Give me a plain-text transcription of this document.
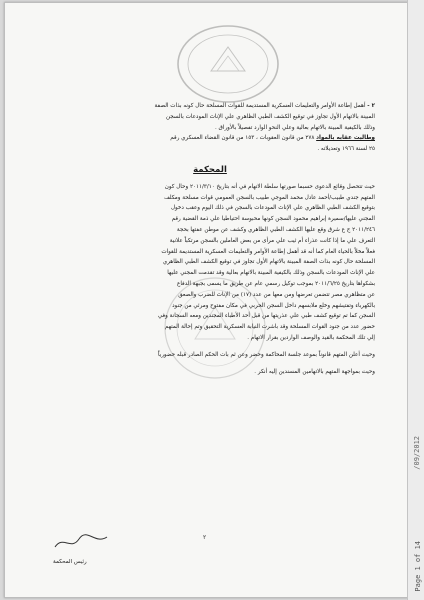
٢ - أهمل إطاعة الأوامر والتعليمات العسكرية المستديمة للقوات المسلحة حال كونه بذات الصفة

المبينة بالاتهام الأول تجاوز في توقيع الكشف الطبي الظاهري علي الإناث المودعات بالسجن

وذلك بالكيفية المبينة بالاتهام بعالية وعلي النحو الوارد تفصيلاً بالأوراق .

وطالبت عقابه بالمواد ٢٧٨ من قانون العقوبات ، ١٥٣ من قانون القضاء العسكري رقم

٢٥ لسنة ١٩٦٦ وتعديلاته .

المحكمة

حيث تتحصل وقائع الدعوى حسبما صورتها سلطة الاتهام في أنه بتاريخ ٢٠١١/٣/١٠ وحال كون

المتهم جندي طبيب/أحمد عادل محمد الموجي طبيب بالسجن العمومي قوات مسلحة ومكلف

بتوقيع الكشف الطبي الظاهري علي الإناث المودعات بالسجن في ذلك اليوم وعقب دخول

المجني عليها/سميرة إبراهيم محمود السجن كونها محبوسة احتياطيا علي ذمة القضية رقم

٢٠١١/٢٤٦ ج ع شرق وقع عليها الكشف الطبي الظاهري وكشف عن موطن عفتها بحجة

التعرف علي ما إذا كانت عذراء أم ثيب علي مرأى من بعض العاملين بالسجن مرتكباً علانية

فعلاً مخلاً بالحياء العام كما أنه قد أهمل إطاعة الأوامر والتعليمات العسكرية المستديمة للقوات

المسلحة حال كونه بذات الصفة المبينة بالاتهام الأول تجاوز في توقيع الكشف الطبي الظاهري

علي الإناث المودعات بالسجن وذلك بالكيفية المبينة بالاتهام بعالية وقد تقدمت المجني عليها

بشكواها بتاريخ ٢٠١١/٦/٢٥ بموجب توكيل رسمي عام عن طريق ما يسمى بجبهة الدفاع

عن متظاهري مصر تتضمن تعرضها ومن معها من عدد (١٧) من الإناث للضرب والصعق

بالكهرباء وتفتيشهم وخلع ملابسهم داخل السجن الحربي في مكان مفتوح ومرئي من جنود

السجن كما تم توقيع كشف طبي علي عذريتها من قبل أحد الأطباء المجندين ومعه السجانة وفي

حضور عدد من جنود القوات المسلحة وقد باشرت النيابة العسكرية التحقيق وتم إحالة المتهم

إلي تلك المحكمة بالقيد والوصف الواردين بقرار الاتهام .

وحيث أعلن المتهم قانوناً بموعد جلسة المحاكمة وحضر وعن ثم بات الحكم الصادر قبله حضورياً

وحيث بمواجهة المتهم بالاتهامين المسندين إليه أنكر .

٢
رئيس المحكمة	Page 1 of 14
/09/2012
